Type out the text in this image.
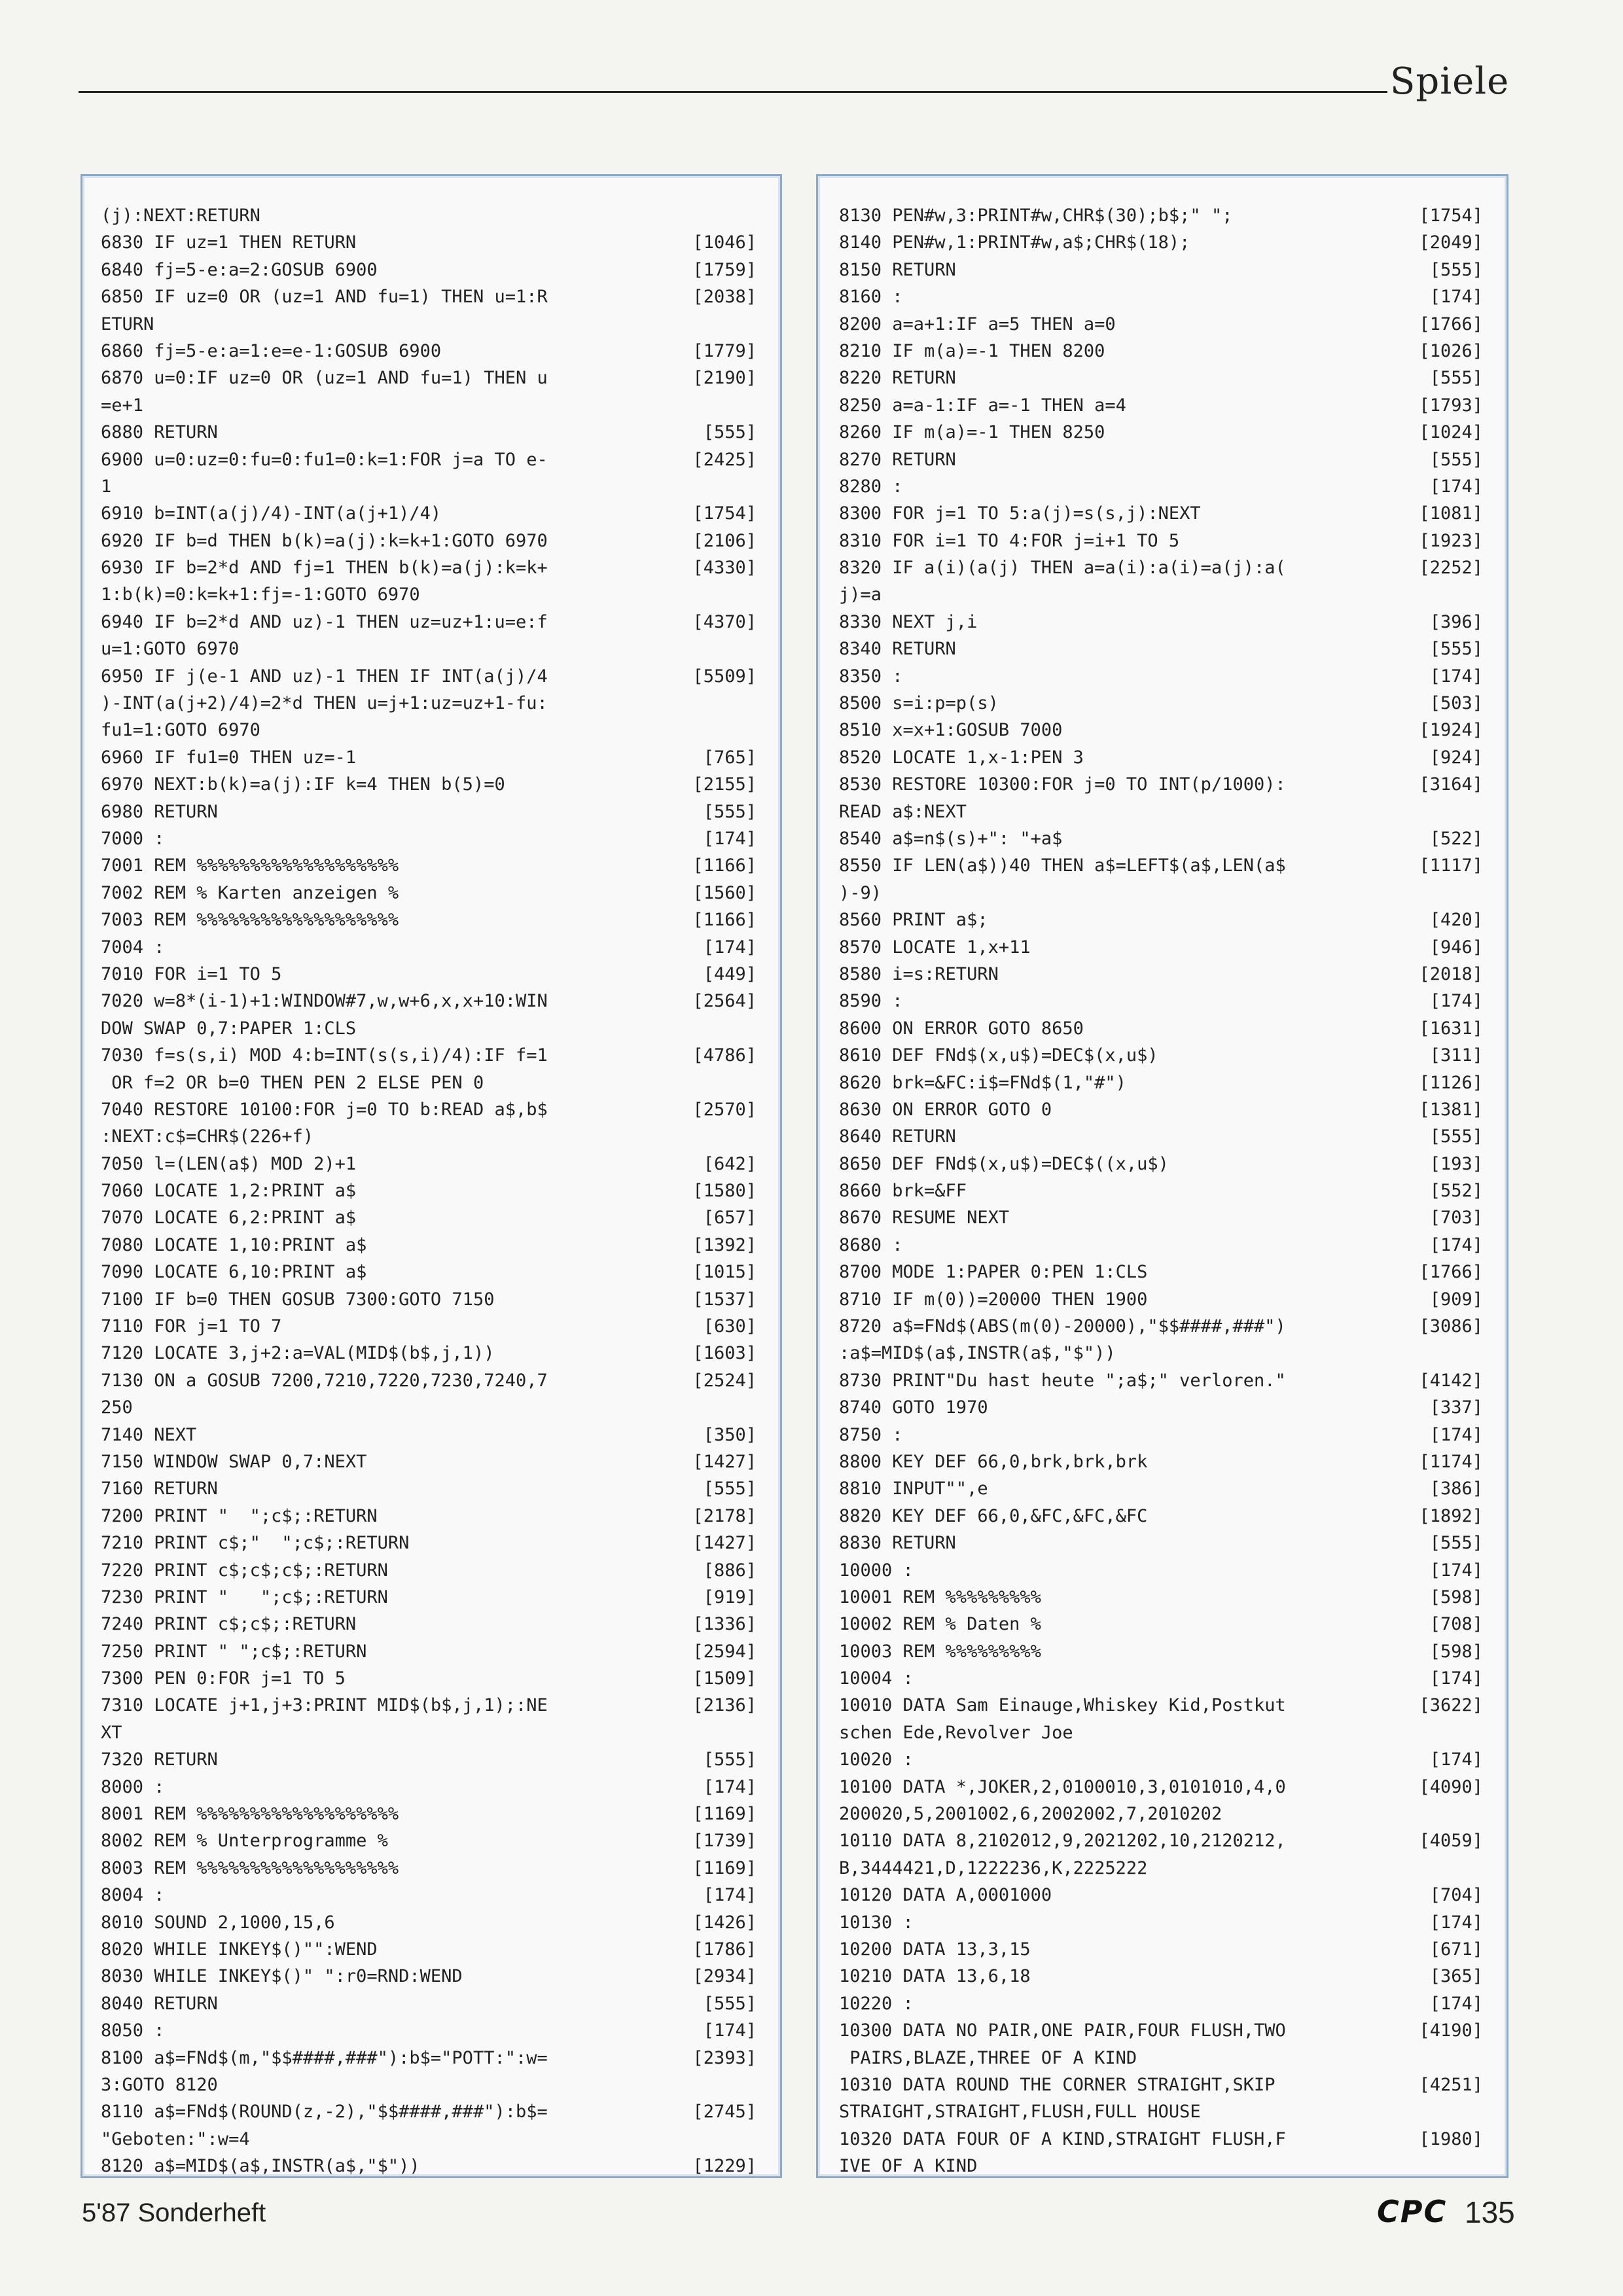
Spiele
(j):NEXT:RETURN
6830 IF uz=1 THEN RETURN	[1046]
6840 fj=5-e:a=2:GOSUB 6900	[1759]
6850 IF uz=0 OR (uz=1 AND fu=1) THEN u=1:R	[2038]
ETURN
6860 fj=5-e:a=1:e=e-1:GOSUB 6900	[1779]
6870 u=0:IF uz=0 OR (uz=1 AND fu=1) THEN u	[2190]
=e+1
6880 RETURN	[555]
6900 u=0:uz=0:fu=0:fu1=0:k=1:FOR j=a TO e-	[2425]
1
6910 b=INT(a(j)/4)-INT(a(j+1)/4)	[1754]
6920 IF b=d THEN b(k)=a(j):k=k+1:GOTO 6970	[2106]
6930 IF b=2*d AND fj=1 THEN b(k)=a(j):k=k+	[4330]
1:b(k)=0:k=k+1:fj=-1:GOTO 6970
6940 IF b=2*d AND uz)-1 THEN uz=uz+1:u=e:f	[4370]
u=1:GOTO 6970
6950 IF j(e-1 AND uz)-1 THEN IF INT(a(j)/4	[5509]
)-INT(a(j+2)/4)=2*d THEN u=j+1:uz=uz+1-fu:
fu1=1:GOTO 6970
6960 IF fu1=0 THEN uz=-1	[765]
6970 NEXT:b(k)=a(j):IF k=4 THEN b(5)=0	[2155]
6980 RETURN	[555]
7000 :	[174]
7001 REM %%%%%%%%%%%%%%%%%%%	[1166]
7002 REM % Karten anzeigen %	[1560]
7003 REM %%%%%%%%%%%%%%%%%%%	[1166]
7004 :	[174]
7010 FOR i=1 TO 5	[449]
7020 w=8*(i-1)+1:WINDOW#7,w,w+6,x,x+10:WIN	[2564]
DOW SWAP 0,7:PAPER 1:CLS
7030 f=s(s,i) MOD 4:b=INT(s(s,i)/4):IF f=1	[4786]
OR f=2 OR b=0 THEN PEN 2 ELSE PEN 0
7040 RESTORE 10100:FOR j=0 TO b:READ a$,b$	[2570]
:NEXT:c$=CHR$(226+f)
7050 l=(LEN(a$) MOD 2)+1	[642]
7060 LOCATE 1,2:PRINT a$	[1580]
7070 LOCATE 6,2:PRINT a$	[657]
7080 LOCATE 1,10:PRINT a$	[1392]
7090 LOCATE 6,10:PRINT a$	[1015]
7100 IF b=0 THEN GOSUB 7300:GOTO 7150	[1537]
7110 FOR j=1 TO 7	[630]
7120 LOCATE 3,j+2:a=VAL(MID$(b$,j,1))	[1603]
7130 ON a GOSUB 7200,7210,7220,7230,7240,7	[2524]
250
7140 NEXT	[350]
7150 WINDOW SWAP 0,7:NEXT	[1427]
7160 RETURN	[555]
7200 PRINT "  ";c$;:RETURN	[2178]
7210 PRINT c$;"  ";c$;:RETURN	[1427]
7220 PRINT c$;c$;c$;:RETURN	[886]
7230 PRINT "   ";c$;:RETURN	[919]
7240 PRINT c$;c$;:RETURN	[1336]
7250 PRINT " ";c$;:RETURN	[2594]
7300 PEN 0:FOR j=1 TO 5	[1509]
7310 LOCATE j+1,j+3:PRINT MID$(b$,j,1);:NE	[2136]
XT
7320 RETURN	[555]
8000 :	[174]
8001 REM %%%%%%%%%%%%%%%%%%%	[1169]
8002 REM % Unterprogramme %	[1739]
8003 REM %%%%%%%%%%%%%%%%%%%	[1169]
8004 :	[174]
8010 SOUND 2,1000,15,6	[1426]
8020 WHILE INKEY$()"":WEND	[1786]
8030 WHILE INKEY$()" ":r0=RND:WEND	[2934]
8040 RETURN	[555]
8050 :	[174]
8100 a$=FNd$(m,"$$####,###"):b$="POTT:":w=	[2393]
3:GOTO 8120
8110 a$=FNd$(ROUND(z,-2),"$$####,###"):b$=	[2745]
"Geboten:":w=4
8120 a$=MID$(a$,INSTR(a$,"$"))	[1229]
8130 PEN#w,3:PRINT#w,CHR$(30);b$;" ";	[1754]
8140 PEN#w,1:PRINT#w,a$;CHR$(18);	[2049]
8150 RETURN	[555]
8160 :	[174]
8200 a=a+1:IF a=5 THEN a=0	[1766]
8210 IF m(a)=-1 THEN 8200	[1026]
8220 RETURN	[555]
8250 a=a-1:IF a=-1 THEN a=4	[1793]
8260 IF m(a)=-1 THEN 8250	[1024]
8270 RETURN	[555]
8280 :	[174]
8300 FOR j=1 TO 5:a(j)=s(s,j):NEXT	[1081]
8310 FOR i=1 TO 4:FOR j=i+1 TO 5	[1923]
8320 IF a(i)(a(j) THEN a=a(i):a(i)=a(j):a(	[2252]
j)=a
8330 NEXT j,i	[396]
8340 RETURN	[555]
8350 :	[174]
8500 s=i:p=p(s)	[503]
8510 x=x+1:GOSUB 7000	[1924]
8520 LOCATE 1,x-1:PEN 3	[924]
8530 RESTORE 10300:FOR j=0 TO INT(p/1000):	[3164]
READ a$:NEXT
8540 a$=n$(s)+": "+a$	[522]
8550 IF LEN(a$))40 THEN a$=LEFT$(a$,LEN(a$	[1117]
)-9)
8560 PRINT a$;	[420]
8570 LOCATE 1,x+11	[946]
8580 i=s:RETURN	[2018]
8590 :	[174]
8600 ON ERROR GOTO 8650	[1631]
8610 DEF FNd$(x,u$)=DEC$(x,u$)	[311]
8620 brk=&FC:i$=FNd$(1,"#")	[1126]
8630 ON ERROR GOTO 0	[1381]
8640 RETURN	[555]
8650 DEF FNd$(x,u$)=DEC$((x,u$)	[193]
8660 brk=&FF	[552]
8670 RESUME NEXT	[703]
8680 :	[174]
8700 MODE 1:PAPER 0:PEN 1:CLS	[1766]
8710 IF m(0))=20000 THEN 1900	[909]
8720 a$=FNd$(ABS(m(0)-20000),"$$####,###")	[3086]
:a$=MID$(a$,INSTR(a$,"$"))
8730 PRINT"Du hast heute ";a$;" verloren."	[4142]
8740 GOTO 1970	[337]
8750 :	[174]
8800 KEY DEF 66,0,brk,brk,brk	[1174]
8810 INPUT"",e	[386]
8820 KEY DEF 66,0,&FC,&FC,&FC	[1892]
8830 RETURN	[555]
10000 :	[174]
10001 REM %%%%%%%%%	[598]
10002 REM % Daten %	[708]
10003 REM %%%%%%%%%	[598]
10004 :	[174]
10010 DATA Sam Einauge,Whiskey Kid,Postkut	[3622]
schen Ede,Revolver Joe
10020 :	[174]
10100 DATA *,JOKER,2,0100010,3,0101010,4,0	[4090]
200020,5,2001002,6,2002002,7,2010202
10110 DATA 8,2102012,9,2021202,10,2120212,	[4059]
B,3444421,D,1222236,K,2225222
10120 DATA A,0001000	[704]
10130 :	[174]
10200 DATA 13,3,15	[671]
10210 DATA 13,6,18	[365]
10220 :	[174]
10300 DATA NO PAIR,ONE PAIR,FOUR FLUSH,TWO	[4190]
PAIRS,BLAZE,THREE OF A KIND
10310 DATA ROUND THE CORNER STRAIGHT,SKIP	[4251]
STRAIGHT,STRAIGHT,FLUSH,FULL HOUSE
10320 DATA FOUR OF A KIND,STRAIGHT FLUSH,F	[1980]
IVE OF A KIND
5'87 Sonderheft	CPC 135
